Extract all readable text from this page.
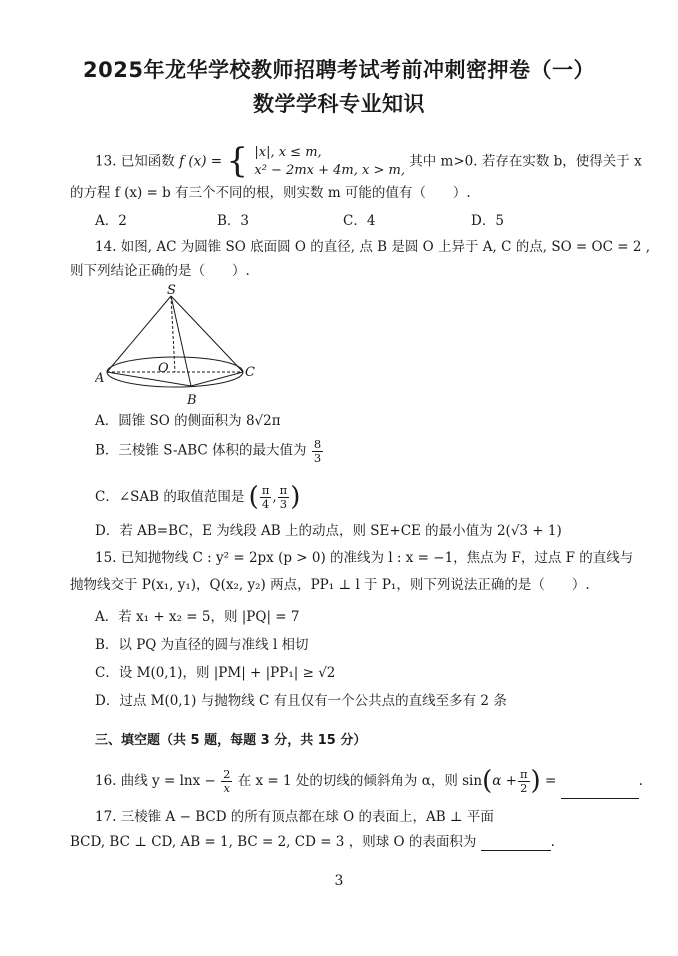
2025年龙华学校教师招聘考试考前冲刺密押卷（一）
数学学科专业知识
13. 已知函数 f (x) = { |x|, x ≤ m,
x² − 2mx + 4m, x > m,
其中 m>0. 若存在实数 b，使得关于 x
的方程 f (x) = b 有三个不同的根，则实数 m 可能的值有（　　）.
A．2	B．3	C．4	D．5
14. 如图, AC 为圆锥 SO 底面圆 O 的直径, 点 B 是圆 O 上异于 A, C 的点, SO = OC = 2 ,
则下列结论正确的是（　　）.
S
O
A
B
C
A．圆锥 SO 的侧面积为 8√2π
B．三棱锥 S-ABC 体积的最大值为 $\frac{8}{3}$
C．∠SAB 的取值范围是 ( $\frac{\pi}{4}$ , $\frac{\pi}{3}$ )
D．若 AB=BC，E 为线段 AB 上的动点，则 SE+CE 的最小值为 2(√3 + 1)
15. 已知抛物线 C : y² = 2px (p > 0) 的准线为 l : x = −1，焦点为 F，过点 F 的直线与
抛物线交于 P(x₁, y₁)，Q(x₂, y₂) 两点，PP₁ ⊥ l 于 P₁，则下列说法正确的是（　　）.
A．若 x₁ + x₂ = 5，则 |PQ| = 7
B．以 PQ 为直径的圆与准线 l 相切
C．设 M(0,1)，则 |PM| + |PP₁| ≥ √2
D．过点 M(0,1) 与抛物线 C 有且仅有一个公共点的直线至多有 2 条
三、填空题（共 5 题，每题 3 分，共 15 分）
16. 曲线 $y = \ln x - \frac{2}{x}$ 在 x = 1 处的切线的倾斜角为 α，则 $\sin(\alpha + \frac{\pi}{2}$ ) =	.
17. 三棱锥 A − BCD 的所有顶点都在球 O 的表面上，AB ⊥ 平面
BCD, BC ⊥ CD, AB = 1, BC = 2, CD = 3 ，则球 O 的表面积为	.
3
